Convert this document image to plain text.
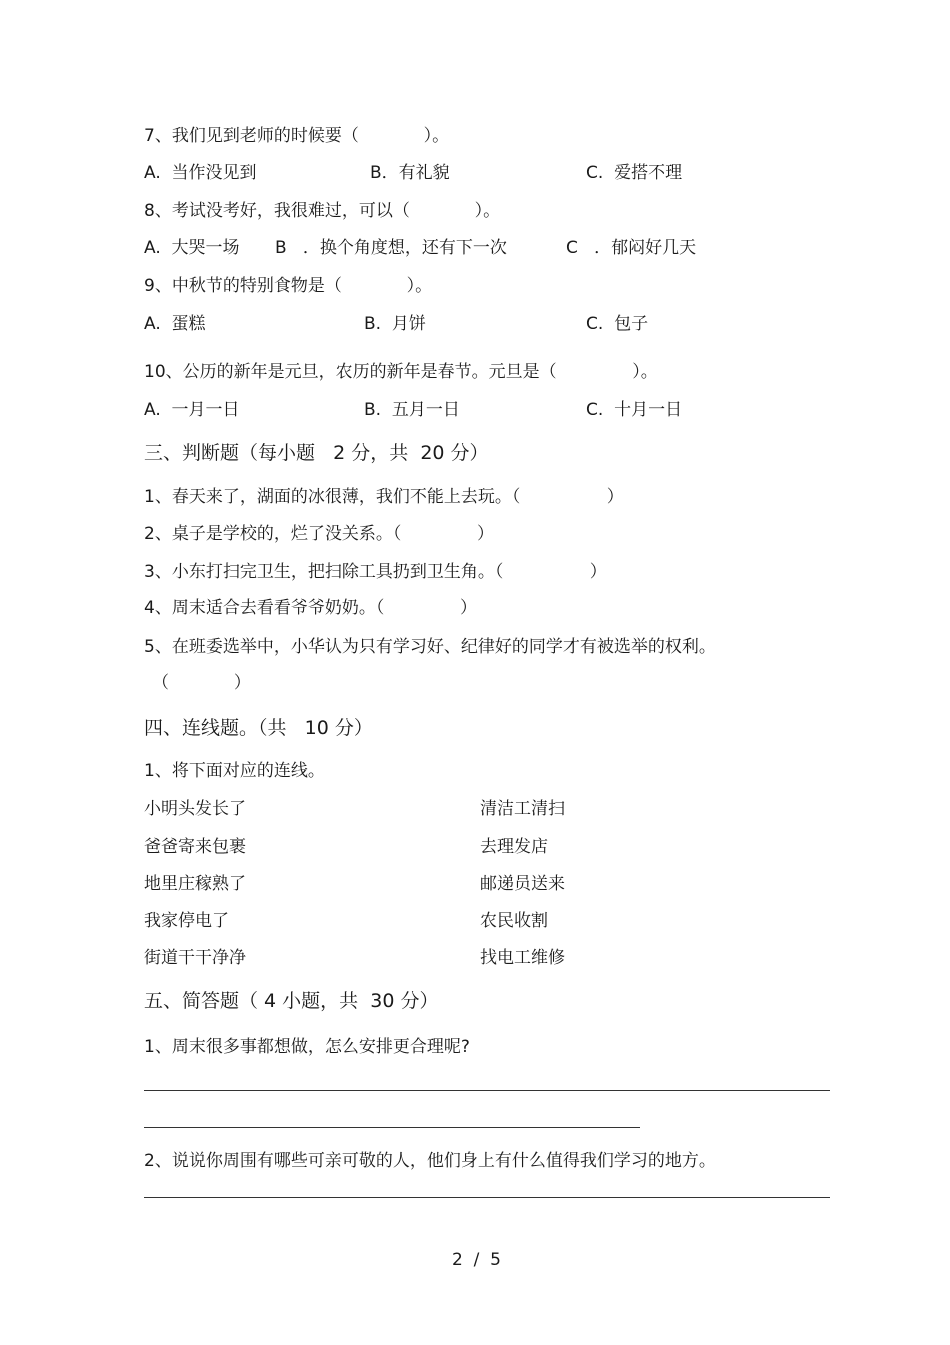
7、我们见到老师的时候要（            ）。
A.  当作没见到	B．有礼貌	C.  爱搭不理
8、考试没考好，我很难过，可以（            ）。
A.  大哭一场 B   ．换个角度想，还有下一次	C   ．郁闷好几天
9、中秋节的特别食物是（            ）。
A.  蛋糕	B.  月饼	C.  包子
10、公历的新年是元旦，农历的新年是春节。元旦是（              ）。
A.  一月一日	B.  五月一日	C.  十月一日
三、判断题（每小题   2 分，共  20 分）
1、春天来了，湖面的冰很薄，我们不能上去玩。（                ）
2、桌子是学校的，烂了没关系。（              ）
3、小东打扫完卫生，把扫除工具扔到卫生角。（                ）
4、周末适合去看看爷爷奶奶。（              ）
5、在班委选举中，小华认为只有学习好、纪律好的同学才有被选举的权利。
（            ）
四、连线题。（共   10 分）
1、将下面对应的连线。
小明头发长了
爸爸寄来包裹
地里庄稼熟了
我家停电了
街道干干净净
清洁工清扫
去理发店
邮递员送来
农民收割
找电工维修
五、简答题（ 4 小题，共  30 分）
1、周末很多事都想做，怎么安排更合理呢?
2、说说你周围有哪些可亲可敬的人，他们身上有什么值得我们学习的地方。
2  /  5
